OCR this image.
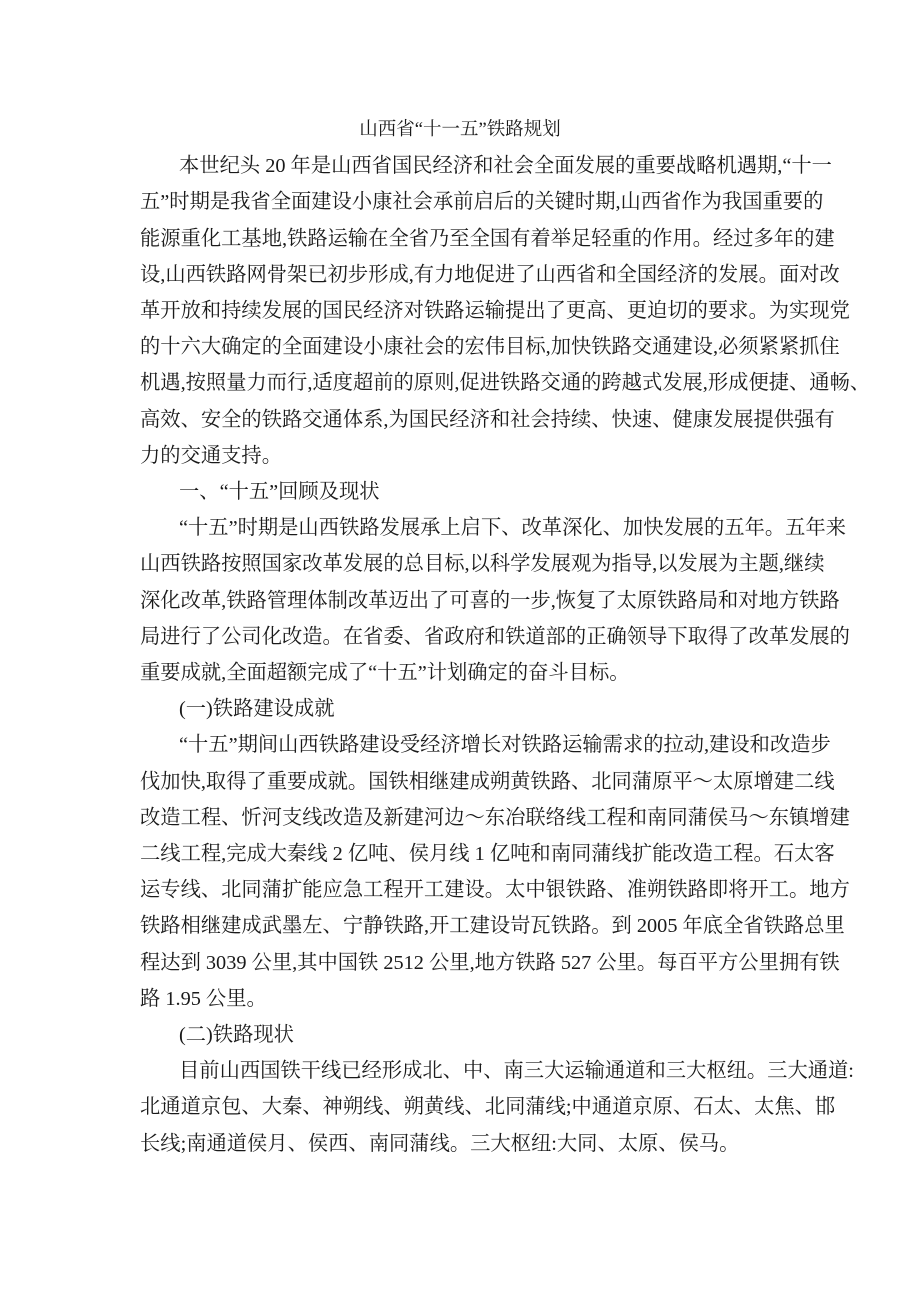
山西省“十一五”铁路规划
本世纪头 20 年是山西省国民经济和社会全面发展的重要战略机遇期,“十一
五”时期是我省全面建设小康社会承前启后的关键时期,山西省作为我国重要的
能源重化工基地,铁路运输在全省乃至全国有着举足轻重的作用。经过多年的建
设,山西铁路网骨架已初步形成,有力地促进了山西省和全国经济的发展。面对改
革开放和持续发展的国民经济对铁路运输提出了更高、更迫切的要求。为实现党
的十六大确定的全面建设小康社会的宏伟目标,加快铁路交通建设,必须紧紧抓住
机遇,按照量力而行,适度超前的原则,促进铁路交通的跨越式发展,形成便捷、通畅、
高效、安全的铁路交通体系,为国民经济和社会持续、快速、健康发展提供强有
力的交通支持。
一、“十五”回顾及现状
“十五”时期是山西铁路发展承上启下、改革深化、加快发展的五年。五年来
山西铁路按照国家改革发展的总目标,以科学发展观为指导,以发展为主题,继续
深化改革,铁路管理体制改革迈出了可喜的一步,恢复了太原铁路局和对地方铁路
局进行了公司化改造。在省委、省政府和铁道部的正确领导下取得了改革发展的
重要成就,全面超额完成了“十五”计划确定的奋斗目标。
(一)铁路建设成就
“十五”期间山西铁路建设受经济增长对铁路运输需求的拉动,建设和改造步
伐加快,取得了重要成就。国铁相继建成朔黄铁路、北同蒲原平～太原增建二线
改造工程、忻河支线改造及新建河边～东冶联络线工程和南同蒲侯马～东镇增建
二线工程,完成大秦线 2 亿吨、侯月线 1 亿吨和南同蒲线扩能改造工程。石太客
运专线、北同蒲扩能应急工程开工建设。太中银铁路、准朔铁路即将开工。地方
铁路相继建成武墨左、宁静铁路,开工建设岢瓦铁路。到 2005 年底全省铁路总里
程达到 3039 公里,其中国铁 2512 公里,地方铁路 527 公里。每百平方公里拥有铁
路 1.95 公里。
(二)铁路现状
目前山西国铁干线已经形成北、中、南三大运输通道和三大枢纽。三大通道:
北通道京包、大秦、神朔线、朔黄线、北同蒲线;中通道京原、石太、太焦、邯
长线;南通道侯月、侯西、南同蒲线。三大枢纽:大同、太原、侯马。
